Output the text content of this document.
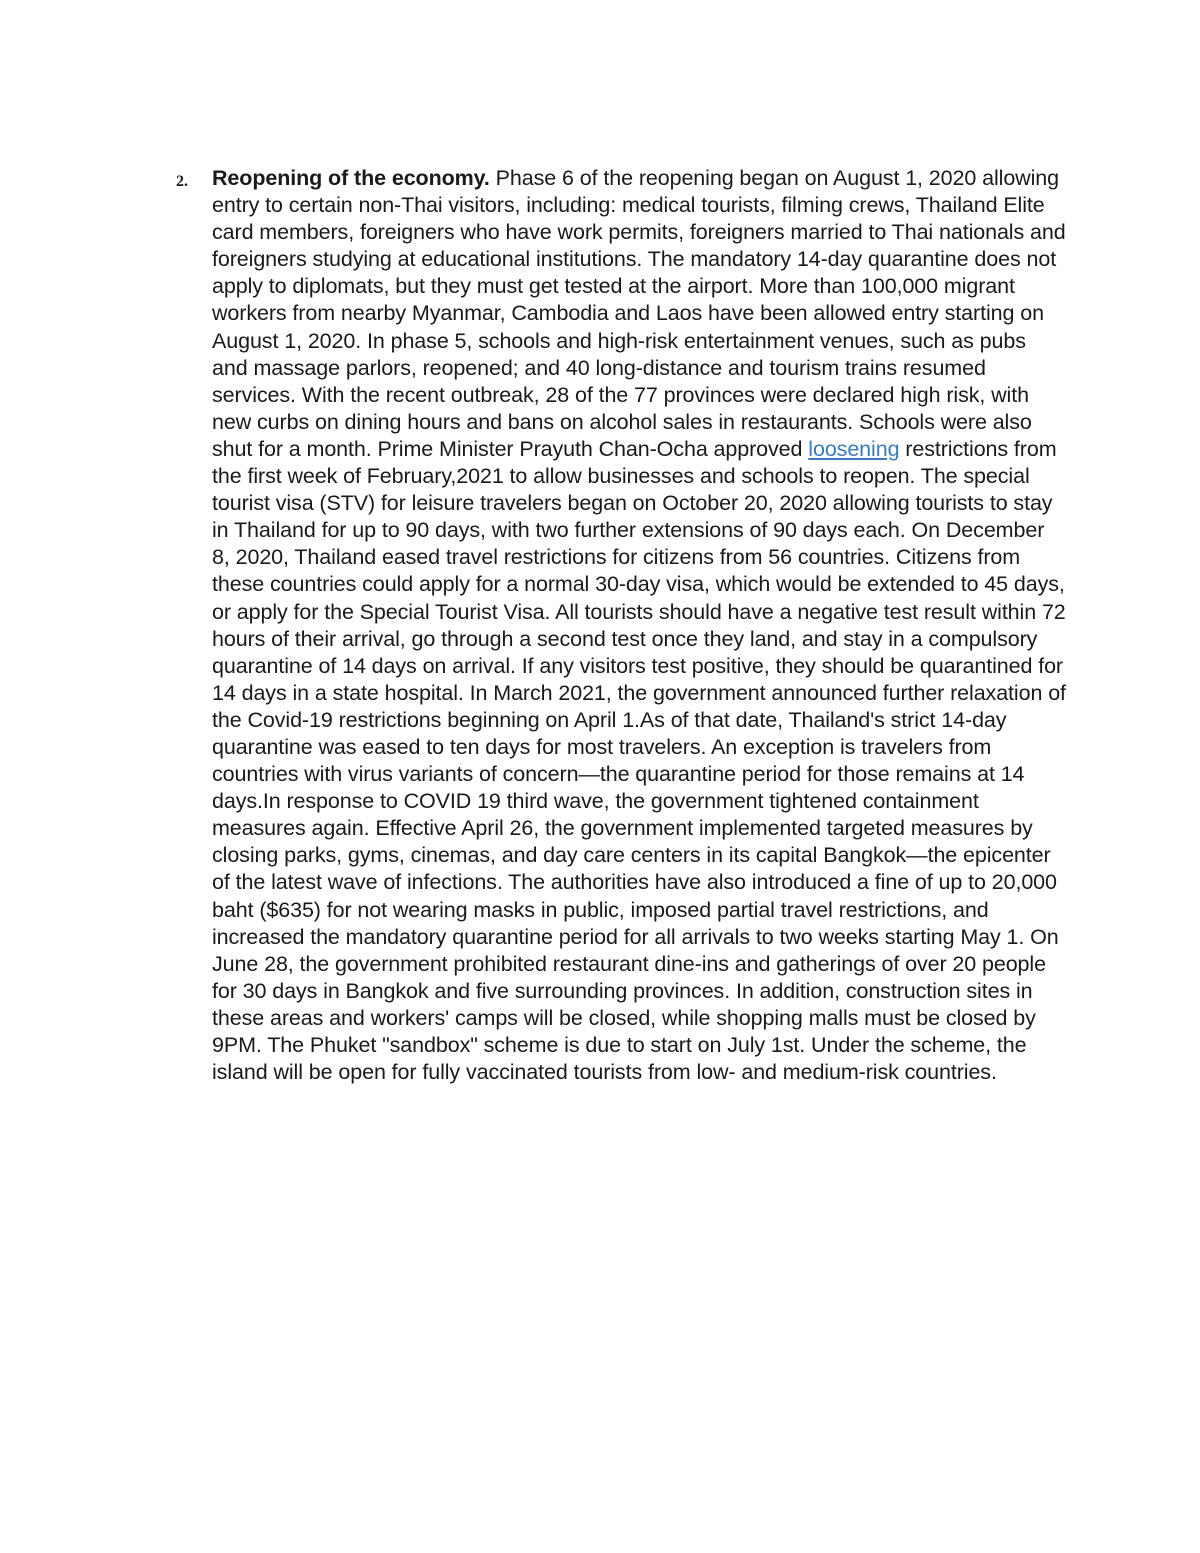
2. Reopening of the economy. Phase 6 of the reopening began on August 1, 2020 allowing entry to certain non-Thai visitors, including: medical tourists, filming crews, Thailand Elite card members, foreigners who have work permits, foreigners married to Thai nationals and foreigners studying at educational institutions. The mandatory 14-day quarantine does not apply to diplomats, but they must get tested at the airport. More than 100,000 migrant workers from nearby Myanmar, Cambodia and Laos have been allowed entry starting on August 1, 2020. In phase 5, schools and high-risk entertainment venues, such as pubs and massage parlors, reopened; and 40 long-distance and tourism trains resumed services. With the recent outbreak, 28 of the 77 provinces were declared high risk, with new curbs on dining hours and bans on alcohol sales in restaurants. Schools were also shut for a month. Prime Minister Prayuth Chan-Ocha approved loosening restrictions from the first week of February,2021 to allow businesses and schools to reopen. The special tourist visa (STV) for leisure travelers began on October 20, 2020 allowing tourists to stay in Thailand for up to 90 days, with two further extensions of 90 days each. On December 8, 2020, Thailand eased travel restrictions for citizens from 56 countries. Citizens from these countries could apply for a normal 30-day visa, which would be extended to 45 days, or apply for the Special Tourist Visa. All tourists should have a negative test result within 72 hours of their arrival, go through a second test once they land, and stay in a compulsory quarantine of 14 days on arrival. If any visitors test positive, they should be quarantined for 14 days in a state hospital. In March 2021, the government announced further relaxation of the Covid-19 restrictions beginning on April 1.As of that date, Thailand's strict 14-day quarantine was eased to ten days for most travelers. An exception is travelers from countries with virus variants of concern—the quarantine period for those remains at 14 days.In response to COVID 19 third wave, the government tightened containment measures again. Effective April 26, the government implemented targeted measures by closing parks, gyms, cinemas, and day care centers in its capital Bangkok—the epicenter of the latest wave of infections. The authorities have also introduced a fine of up to 20,000 baht ($635) for not wearing masks in public, imposed partial travel restrictions, and increased the mandatory quarantine period for all arrivals to two weeks starting May 1. On June 28, the government prohibited restaurant dine-ins and gatherings of over 20 people for 30 days in Bangkok and five surrounding provinces. In addition, construction sites in these areas and workers' camps will be closed, while shopping malls must be closed by 9PM. The Phuket "sandbox" scheme is due to start on July 1st. Under the scheme, the island will be open for fully vaccinated tourists from low- and medium-risk countries.
